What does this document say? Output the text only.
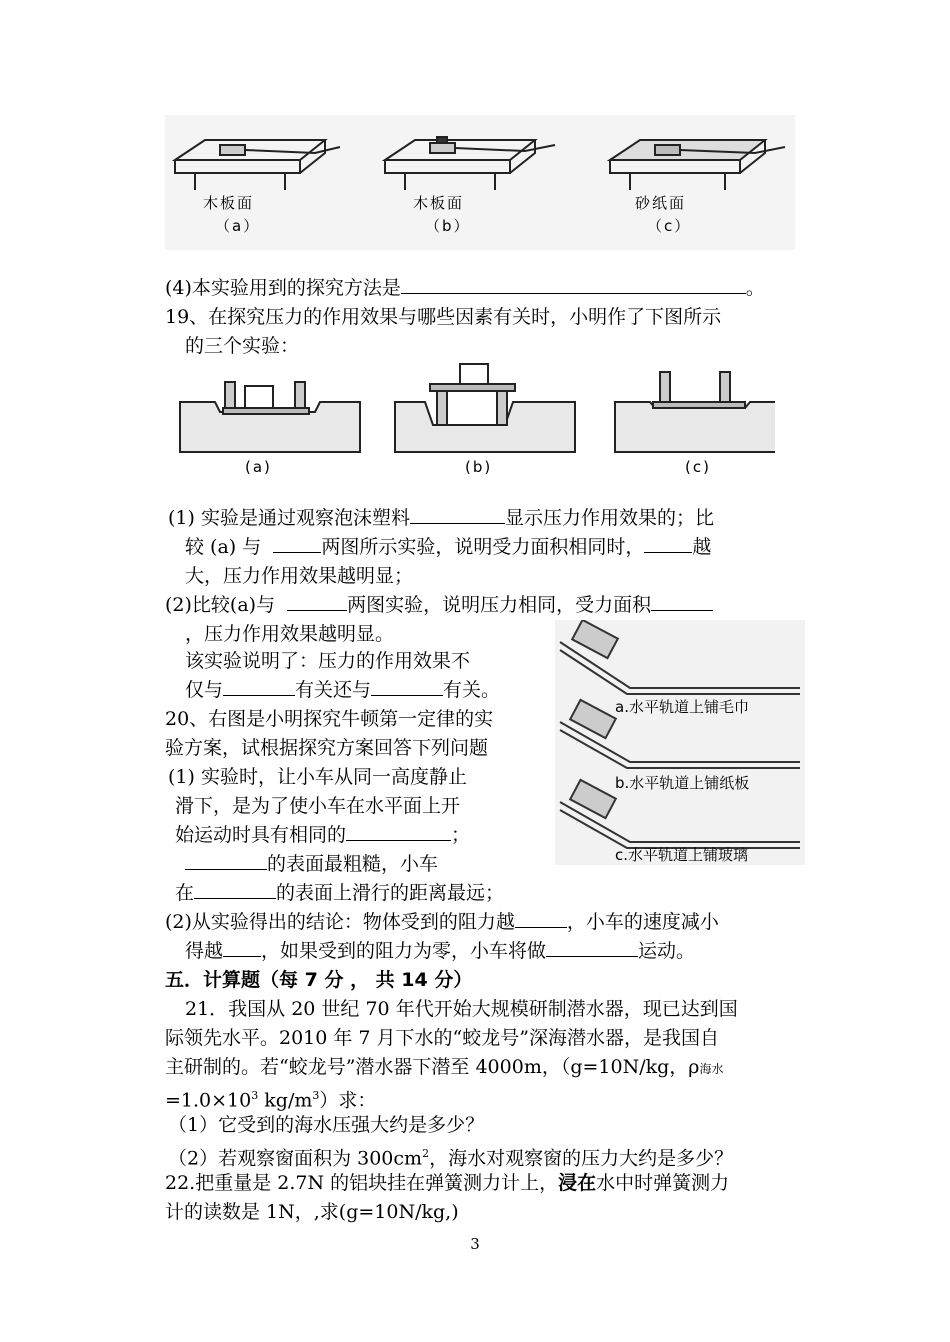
木板面	木板面	砂纸面
（a）	（b）	（c）
(4)本实验用到的探究方法是	。
19、在探究压力的作用效果与哪些因素有关时，小明作了下图所示
的三个实验：
(a)	(b)	(c)
(1) 实验是通过观察泡沫塑料	显示压力作用效果的；比
较 (a) 与	两图所示实验，说明受力面积相同时，	越
大，压力作用效果越明显；
(2)比较(a)与	两图实验，说明压力相同，受力面积
，压力作用效果越明显。
a.水平轨道上铺毛巾
b.水平轨道上铺纸板
c.水平轨道上铺玻璃
该实验说明了：压力的作用效果不
仅与	有关还与	有关。
20、右图是小明探究牛顿第一定律的实
验方案，试根据探究方案回答下列问题
(1) 实验时，让小车从同一高度静止
滑下，是为了使小车在水平面上开
始运动时具有相同的	；
的表面最粗糙，小车
在	的表面上滑行的距离最远；
(2)从实验得出的结论：物体受到的阻力越	，小车的速度减小
得越 ，如果受到的阻力为零，小车将做	运动。
五．计算题（每 7 分 ， 共 14 分）
21．我国从 20 世纪 70 年代开始大规模研制潜水器，现已达到国
际领先水平。2010 年 7 月下水的“蛟龙号”深海潜水器，是我国自
主研制的。若“蛟龙号”潜水器下潜至 4000m，（g=10N/kg，ρ海水
$=1.0\times 10^3$ $kg/m^3$）求：
（1）它受到的海水压强大约是多少？
（2）若观察窗面积为 $300cm^2$，海水对观察窗的压力大约是多少？
22.把重量是 2.7N 的铝块挂在弹簧测力计上，浸在水中时弹簧测力
计的读数是 1N，,求(g=10N/kg,)
3
